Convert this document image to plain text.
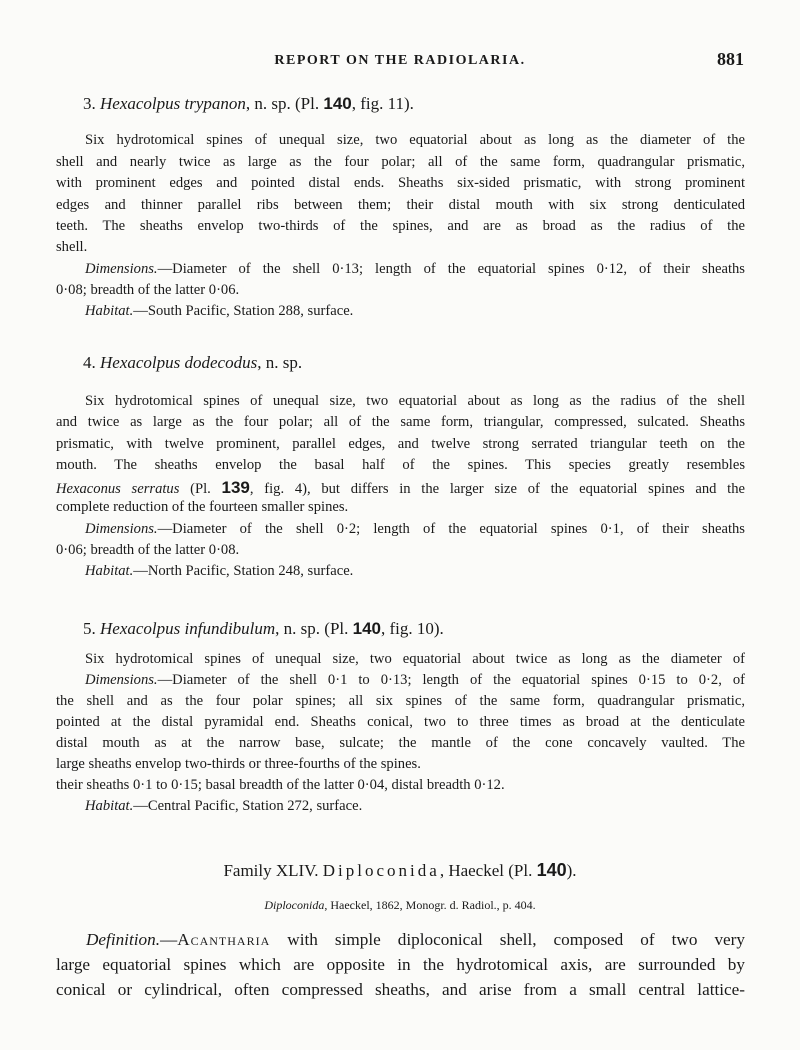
REPORT ON THE RADIOLARIA.	881
3. Hexacolpus trypanon, n. sp. (Pl. 140, fig. 11).
Six hydrotomical spines of unequal size, two equatorial about as long as the diameter of the
shell and nearly twice as large as the four polar; all of the same form, quadrangular prismatic,
with prominent edges and pointed distal ends. Sheaths six-sided prismatic, with strong prominent
edges and thinner parallel ribs between them; their distal mouth with six strong denticulated
teeth. The sheaths envelop two-thirds of the spines, and are as broad as the radius of the
shell.
Dimensions.—Diameter of the shell 0·13; length of the equatorial spines 0·12, of their sheaths
0·08; breadth of the latter 0·06.
Habitat.—South Pacific, Station 288, surface.
4. Hexacolpus dodecodus, n. sp.
Six hydrotomical spines of unequal size, two equatorial about as long as the radius of the shell
and twice as large as the four polar; all of the same form, triangular, compressed, sulcated. Sheaths
prismatic, with twelve prominent, parallel edges, and twelve strong serrated triangular teeth on the
mouth. The sheaths envelop the basal half of the spines. This species greatly resembles
Hexaconus serratus (Pl. 139, fig. 4), but differs in the larger size of the equatorial spines and the
complete reduction of the fourteen smaller spines.
Dimensions.—Diameter of the shell 0·2; length of the equatorial spines 0·1, of their sheaths
0·06; breadth of the latter 0·08.
Habitat.—North Pacific, Station 248, surface.
5. Hexacolpus infundibulum, n. sp. (Pl. 140, fig. 10).
Six hydrotomical spines of unequal size, two equatorial about twice as long as the diameter of
Dimensions.—Diameter of the shell 0·1 to 0·13; length of the equatorial spines 0·15 to 0·2, of
the shell and as the four polar spines; all six spines of the same form, quadrangular prismatic,
pointed at the distal pyramidal end. Sheaths conical, two to three times as broad at the denticulate
distal mouth as at the narrow base, sulcate; the mantle of the cone concavely vaulted. The
large sheaths envelop two-thirds or three-fourths of the spines.
their sheaths 0·1 to 0·15; basal breadth of the latter 0·04, distal breadth 0·12.
Habitat.—Central Pacific, Station 272, surface.
Family XLIV. Diploconida, Haeckel (Pl. 140).
Diploconida, Haeckel, 1862, Monogr. d. Radiol., p. 404.
Definition.—Acantharia with simple diploconical shell, composed of two very
large equatorial spines which are opposite in the hydrotomical axis, are surrounded by
conical or cylindrical, often compressed sheaths, and arise from a small central lattice-
